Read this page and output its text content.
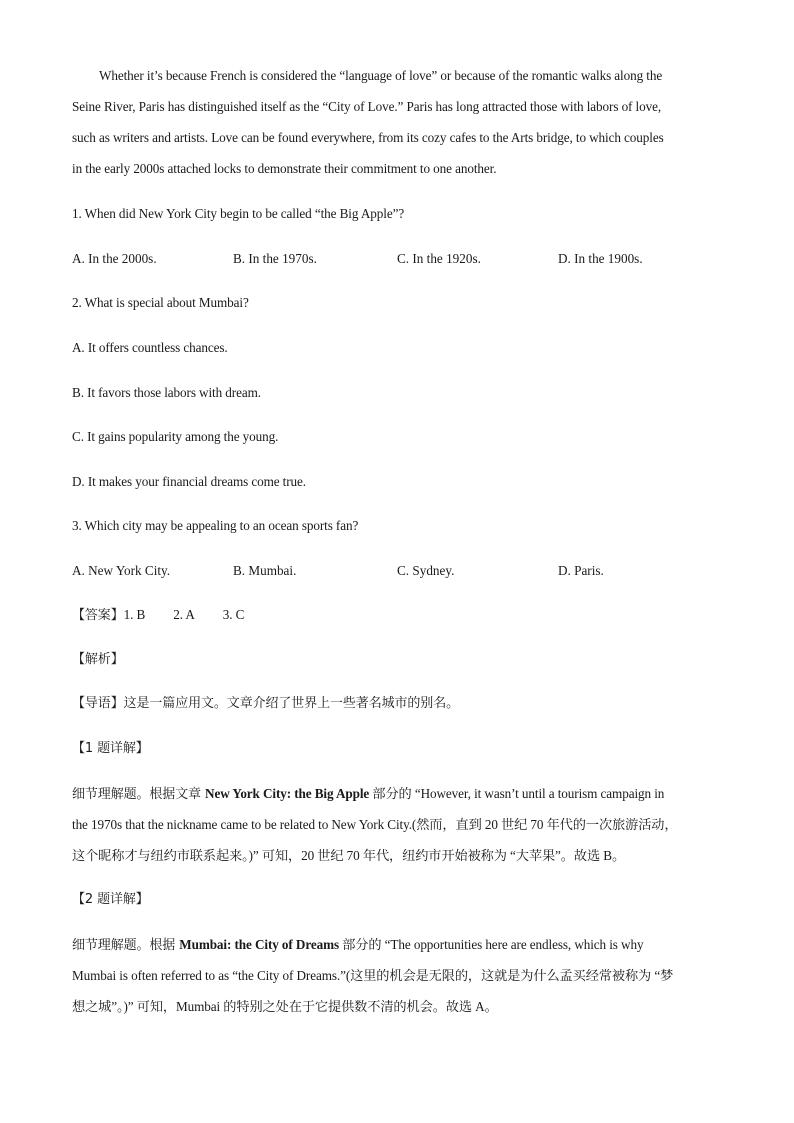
Whether it’s because French is considered the “language of love” or because of the romantic walks along the
Seine River, Paris has distinguished itself as the “City of Love.” Paris has long attracted those with labors of love,
such as writers and artists. Love can be found everywhere, from its cozy cafes to the Arts bridge, to which couples
in the early 2000s attached locks to demonstrate their commitment to one another.
1. When did New York City begin to be called “the Big Apple”?
A. In the 2000s.	B. In the 1970s.	C. In the 1920s.	D. In the 1900s.
2. What is special about Mumbai?
A. It offers countless chances.
B. It favors those labors with dream.
C. It gains popularity among the young.
D. It makes your financial dreams come true.
3. Which city may be appealing to an ocean sports fan?
A. New York City.	B. Mumbai.	C. Sydney.	D. Paris.
【答案】1. B 2. A 3. C
【解析】
【导语】这是一篇应用文。文章介绍了世界上一些著名城市的别名。
【1 题详解】
细节理解题。根据文章 New York City: the Big Apple 部分的 “However, it wasn’t until a tourism campaign in
the 1970s that the nickname came to be related to New York City.(然而，直到 20 世纪 70 年代的一次旅游活动，
这个昵称才与纽约市联系起来。)” 可知，20 世纪 70 年代，纽约市开始被称为 “大苹果”。故选 B。
【2 题详解】
细节理解题。根据 Mumbai: the City of Dreams 部分的 “The opportunities here are endless, which is why
Mumbai is often referred to as “the City of Dreams.”(这里的机会是无限的，这就是为什么孟买经常被称为 “梦
想之城”。)” 可知，Mumbai 的特别之处在于它提供数不清的机会。故选 A。
